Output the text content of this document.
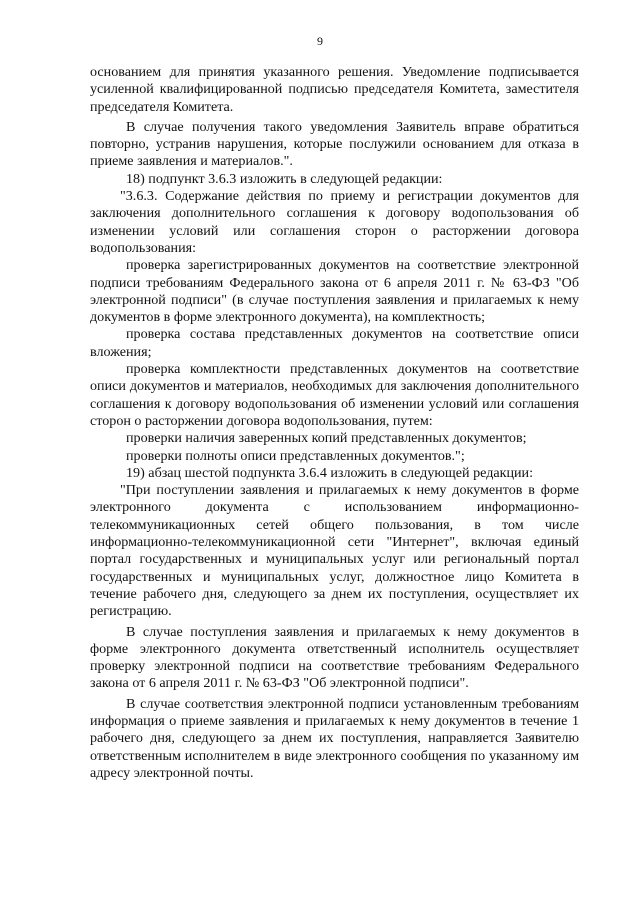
9

основанием для принятия указанного решения. Уведомление подписывается усиленной квалифицированной подписью председателя Комитета, заместителя председателя Комитета.

В случае получения такого уведомления Заявитель вправе обратиться повторно, устранив нарушения, которые послужили основанием для отказа в приеме заявления и материалов.".

18) подпункт 3.6.3 изложить в следующей редакции:

"3.6.3. Содержание действия по приему и регистрации документов для заключения дополнительного соглашения к договору водопользования об изменении условий или соглашения сторон о расторжении договора водопользования:

проверка зарегистрированных документов на соответствие электронной подписи требованиям Федерального закона от 6 апреля 2011 г. № 63-ФЗ "Об электронной подписи" (в случае поступления заявления и прилагаемых к нему документов в форме электронного документа), на комплектность;

проверка состава представленных документов на соответствие описи вложения;

проверка комплектности представленных документов на соответствие описи документов и материалов, необходимых для заключения дополнительного соглашения к договору водопользования об изменении условий или соглашения сторон о расторжении договора водопользования, путем:

проверки наличия заверенных копий представленных документов;

проверки полноты описи представленных документов.";

19) абзац шестой подпункта 3.6.4 изложить в следующей редакции:

"При поступлении заявления и прилагаемых к нему документов в форме электронного документа с использованием информационно-телекоммуникационных сетей общего пользования, в том числе информационно-телекоммуникационной сети "Интернет", включая единый портал государственных и муниципальных услуг или региональный портал государственных и муниципальных услуг, должностное лицо Комитета в течение рабочего дня, следующего за днем их поступления, осуществляет их регистрацию.

В случае поступления заявления и прилагаемых к нему документов в форме электронного документа ответственный исполнитель осуществляет проверку электронной подписи на соответствие требованиям Федерального закона от 6 апреля 2011 г. № 63-ФЗ "Об электронной подписи".

В случае соответствия электронной подписи установленным требованиям информация о приеме заявления и прилагаемых к нему документов в течение 1 рабочего дня, следующего за днем их поступления, направляется Заявителю ответственным исполнителем в виде электронного сообщения по указанному им адресу электронной почты.
